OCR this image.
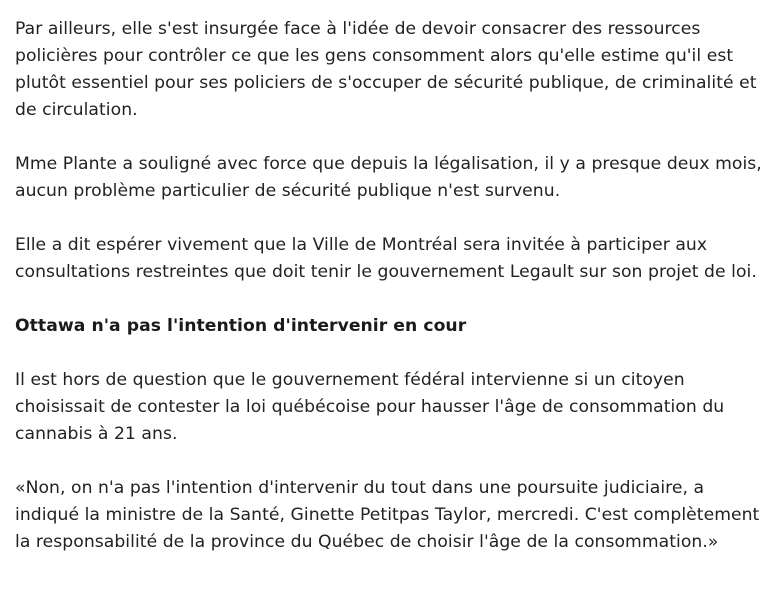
Par ailleurs, elle s'est insurgée face à l'idée de devoir consacrer des ressources policières pour contrôler ce que les gens consomment alors qu'elle estime qu'il est plutôt essentiel pour ses policiers de s'occuper de sécurité publique, de criminalité et de circulation.

Mme Plante a souligné avec force que depuis la légalisation, il y a presque deux mois, aucun problème particulier de sécurité publique n'est survenu.

Elle a dit espérer vivement que la Ville de Montréal sera invitée à participer aux consultations restreintes que doit tenir le gouvernement Legault sur son projet de loi.

Ottawa n'a pas l'intention d'intervenir en cour

Il est hors de question que le gouvernement fédéral intervienne si un citoyen choisissait de contester la loi québécoise pour hausser l'âge de consommation du cannabis à 21 ans.

«Non, on n'a pas l'intention d'intervenir du tout dans une poursuite judiciaire, a indiqué la ministre de la Santé, Ginette Petitpas Taylor, mercredi. C'est complètement la responsabilité de la province du Québec de choisir l'âge de la consommation.»
